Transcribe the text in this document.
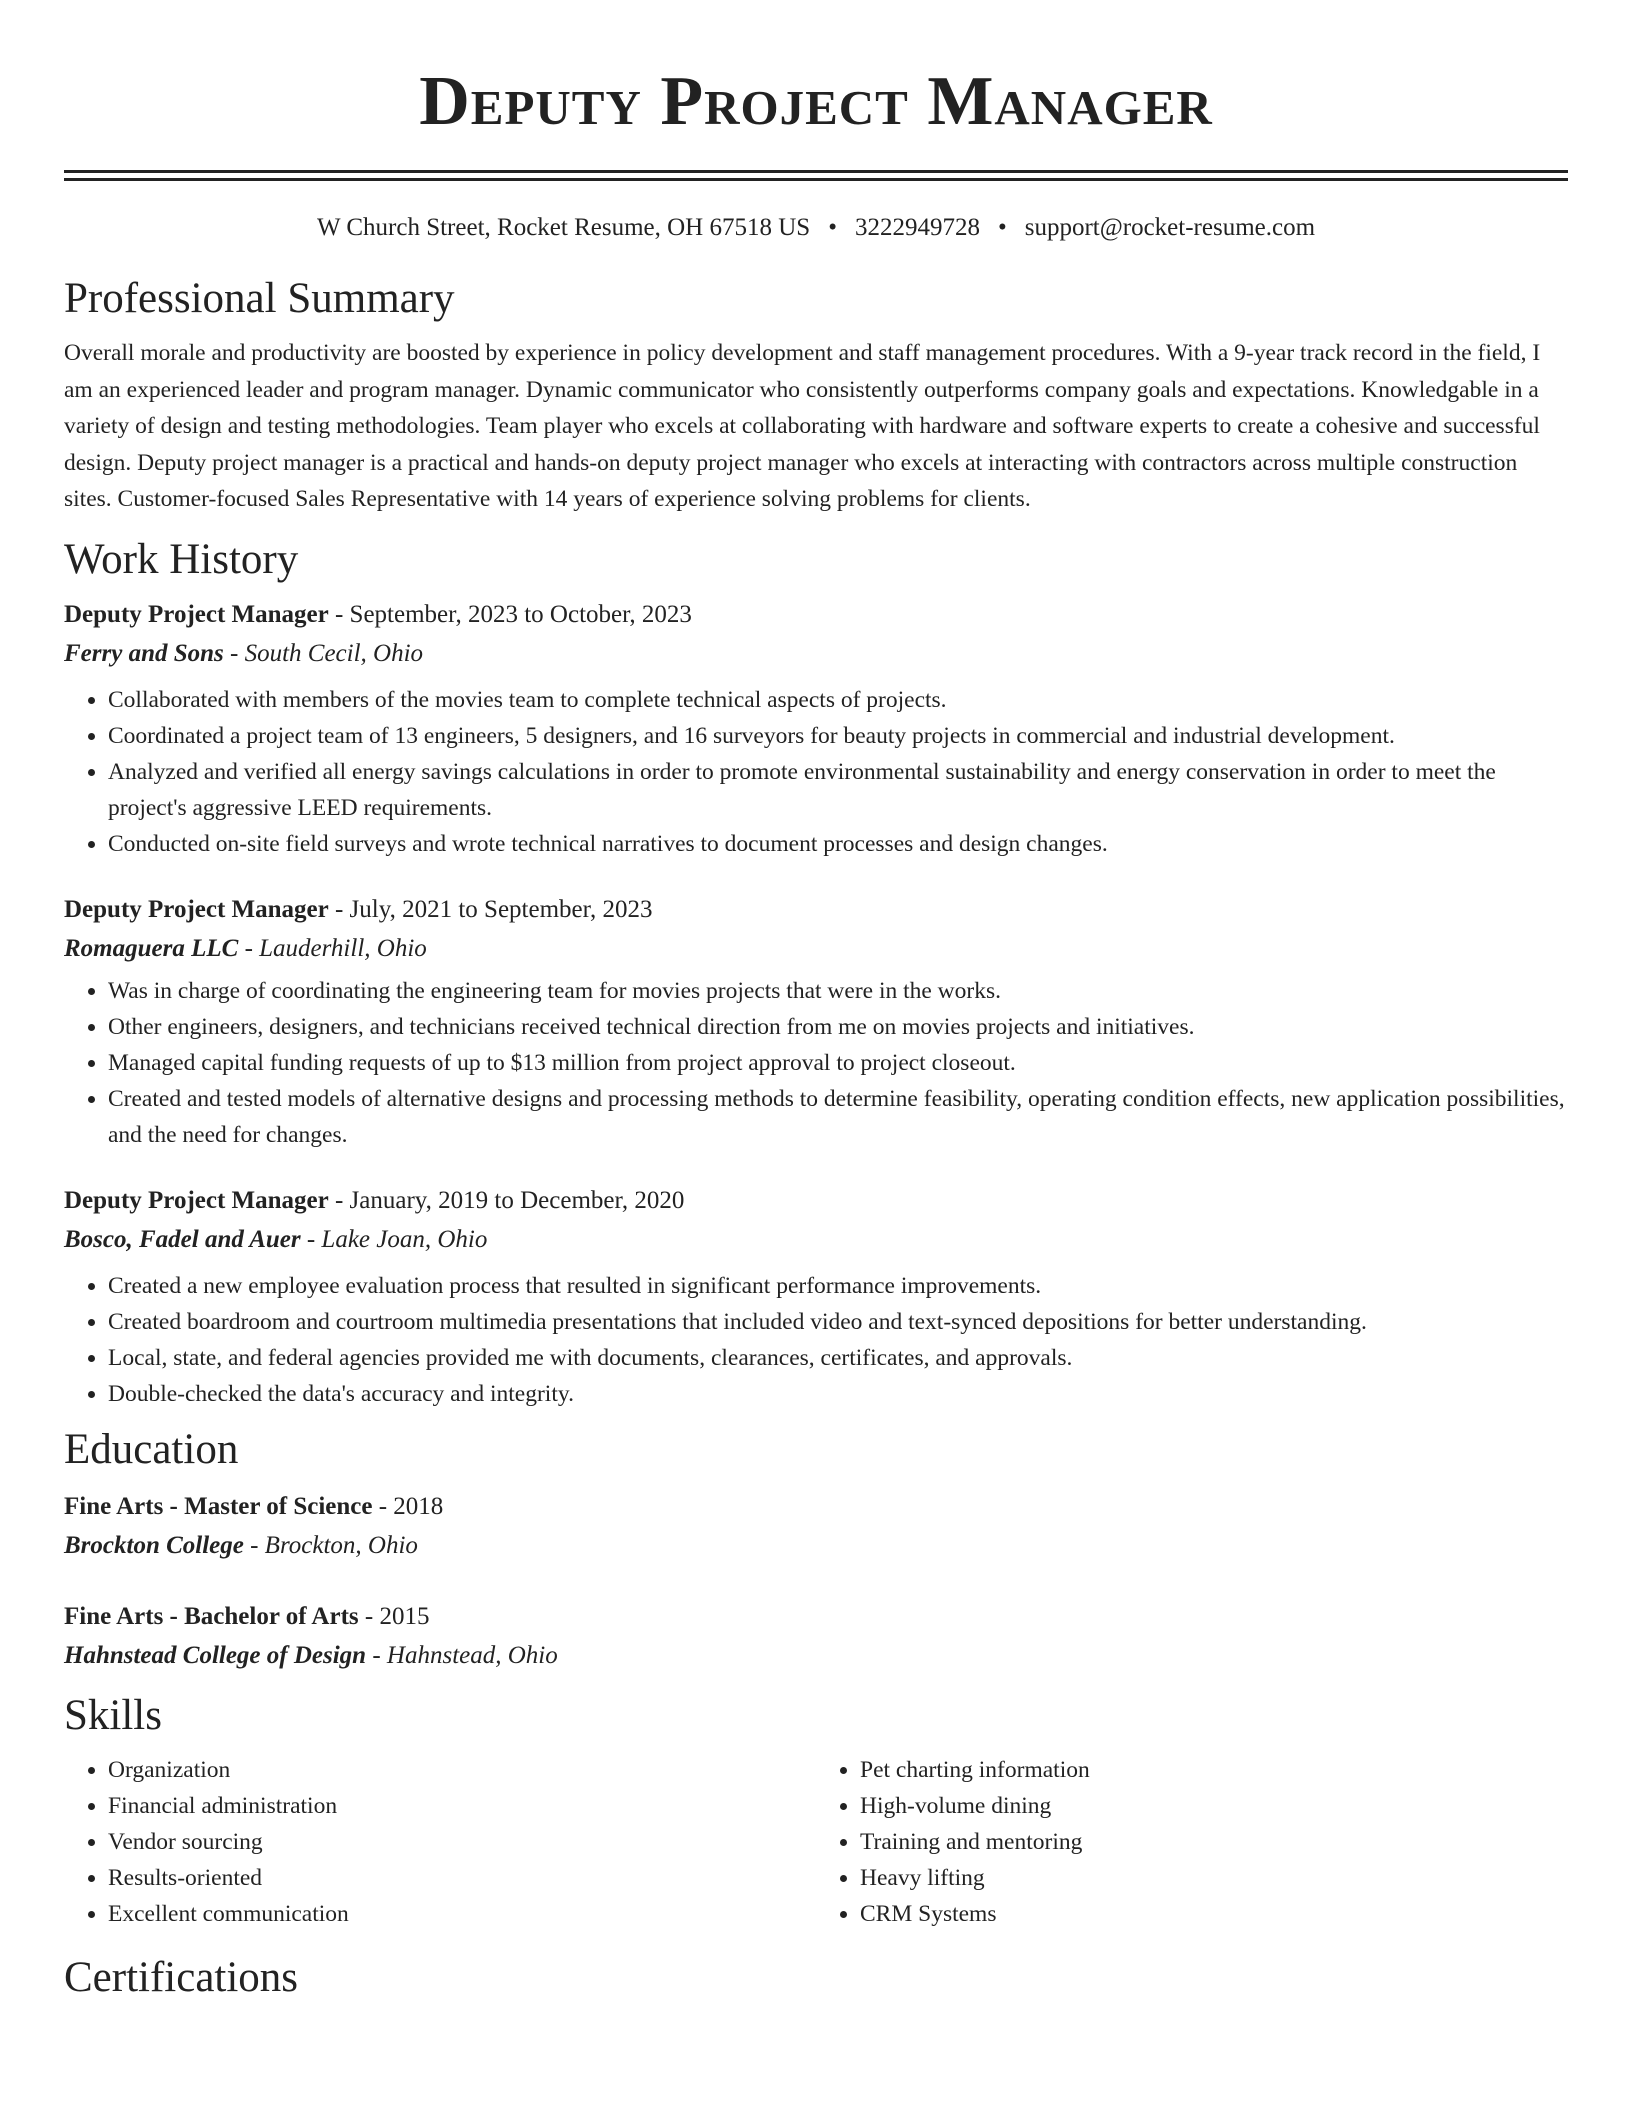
Deputy Project Manager
W Church Street, Rocket Resume, OH 67518 US • 3222949728 • support@rocket-resume.com
Professional Summary

Overall morale and productivity are boosted by experience in policy development and staff management procedures. With a 9-year track record in the field, I am an experienced leader and program manager. Dynamic communicator who consistently outperforms company goals and expectations. Knowledgable in a variety of design and testing methodologies. Team player who excels at collaborating with hardware and software experts to create a cohesive and successful design. Deputy project manager is a practical and hands-on deputy project manager who excels at interacting with contractors across multiple construction sites. Customer-focused Sales Representative with 14 years of experience solving problems for clients.

Work History
Deputy Project Manager - September, 2023 to October, 2023
Ferry and Sons - South Cecil, Ohio
• Collaborated with members of the movies team to complete technical aspects of projects.
• Coordinated a project team of 13 engineers, 5 designers, and 16 surveyors for beauty projects in commercial and industrial development.
• Analyzed and verified all energy savings calculations in order to promote environmental sustainability and energy conservation in order to meet the project's aggressive LEED requirements.
• Conducted on-site field surveys and wrote technical narratives to document processes and design changes.
Deputy Project Manager - July, 2021 to September, 2023
Romaguera LLC - Lauderhill, Ohio
• Was in charge of coordinating the engineering team for movies projects that were in the works.
• Other engineers, designers, and technicians received technical direction from me on movies projects and initiatives.
• Managed capital funding requests of up to $13 million from project approval to project closeout.
• Created and tested models of alternative designs and processing methods to determine feasibility, operating condition effects, new application possibilities, and the need for changes.
Deputy Project Manager - January, 2019 to December, 2020
Bosco, Fadel and Auer - Lake Joan, Ohio
• Created a new employee evaluation process that resulted in significant performance improvements.
• Created boardroom and courtroom multimedia presentations that included video and text-synced depositions for better understanding.
• Local, state, and federal agencies provided me with documents, clearances, certificates, and approvals.
• Double-checked the data's accuracy and integrity.
Education
Fine Arts - Master of Science - 2018
Brockton College - Brockton, Ohio
Fine Arts - Bachelor of Arts - 2015
Hahnstead College of Design - Hahnstead, Ohio
Skills
• Organization
• Financial administration
• Vendor sourcing
• Results-oriented
• Excellent communication
• Pet charting information
• High-volume dining
• Training and mentoring
• Heavy lifting
• CRM Systems
Certifications
